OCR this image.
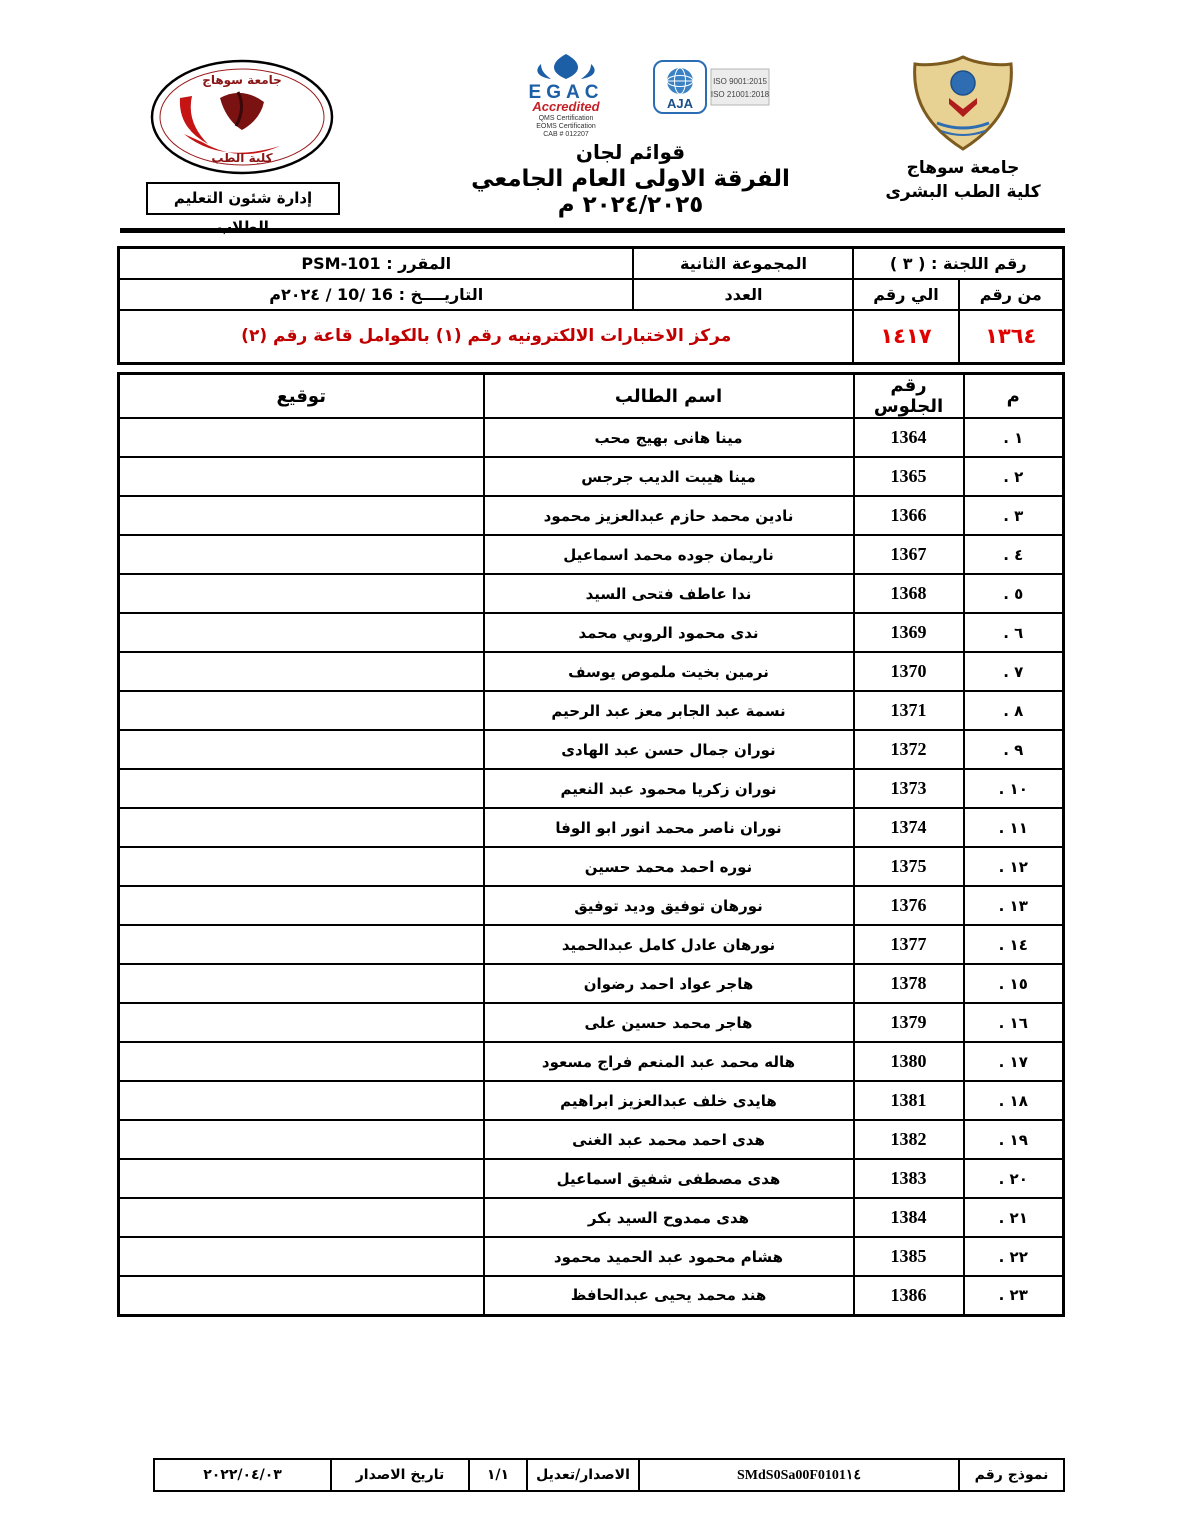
جامعة سوهاج
كلية الطب
إدارة شئون التعليم الطلاب
EGAC
Accredited
QMS Certification
EOMS Certification
CAB # 012207
AJA
ISO 9001:2015
ISO 21001:2018
قوائم لجان
الفرقة الاولى العام الجامعي ٢٠٢٤/٢٠٢٥ م
جامعة سوهاج
كلية الطب البشرى
رقم اللجنة : ( ٣ )		المجموعة الثانية	المقرر : PSM-101
من رقم	الي رقم	العدد	التاريــــخ : 16 /10 / ٢٠٢٤م
١٣٦٤	١٤١٧	مركز الاختبارات الالكترونيه رقم (١) بالكوامل قاعة رقم (٢)	
م	رقم الجلوس	اسم الطالب	توقيع
١ .	1364	مينا هانى بهيج محب	
٢ .	1365	مينا هيبت الديب جرجس	
٣ .	1366	نادين محمد حازم عبدالعزيز محمود	
٤ .	1367	ناريمان جوده محمد اسماعيل	
٥ .	1368	ندا عاطف فتحى السيد	
٦ .	1369	ندى محمود الروبي محمد	
٧ .	1370	نرمين بخيت ملموص يوسف	
٨ .	1371	نسمة عبد الجابر معز عبد الرحيم	
٩ .	1372	نوران جمال حسن عبد الهادى	
١٠ .	1373	نوران زكريا محمود عبد النعيم	
١١ .	1374	نوران ناصر محمد انور ابو الوفا	
١٢ .	1375	نوره احمد محمد حسين	
١٣ .	1376	نورهان توفيق وديد توفيق	
١٤ .	1377	نورهان عادل كامل عبدالحميد	
١٥ .	1378	هاجر عواد احمد رضوان	
١٦ .	1379	هاجر محمد حسين على	
١٧ .	1380	هاله محمد عبد المنعم فراج مسعود	
١٨ .	1381	هايدى خلف عبدالعزيز ابراهيم	
١٩ .	1382	هدى احمد محمد عبد الغنى	
٢٠ .	1383	هدى مصطفى شفيق اسماعيل	
٢١ .	1384	هدى ممدوح السيد بكر	
٢٢ .	1385	هشام محمود عبد الحميد محمود	
٢٣ .	1386	هند محمد يحيى عبدالحافظ	
نموذج رقم	SMdS0Sa00F0101١٤	الاصدار/تعديل	١/١	تاريخ الاصدار	٢٠٢٢/٠٤/٠٣
